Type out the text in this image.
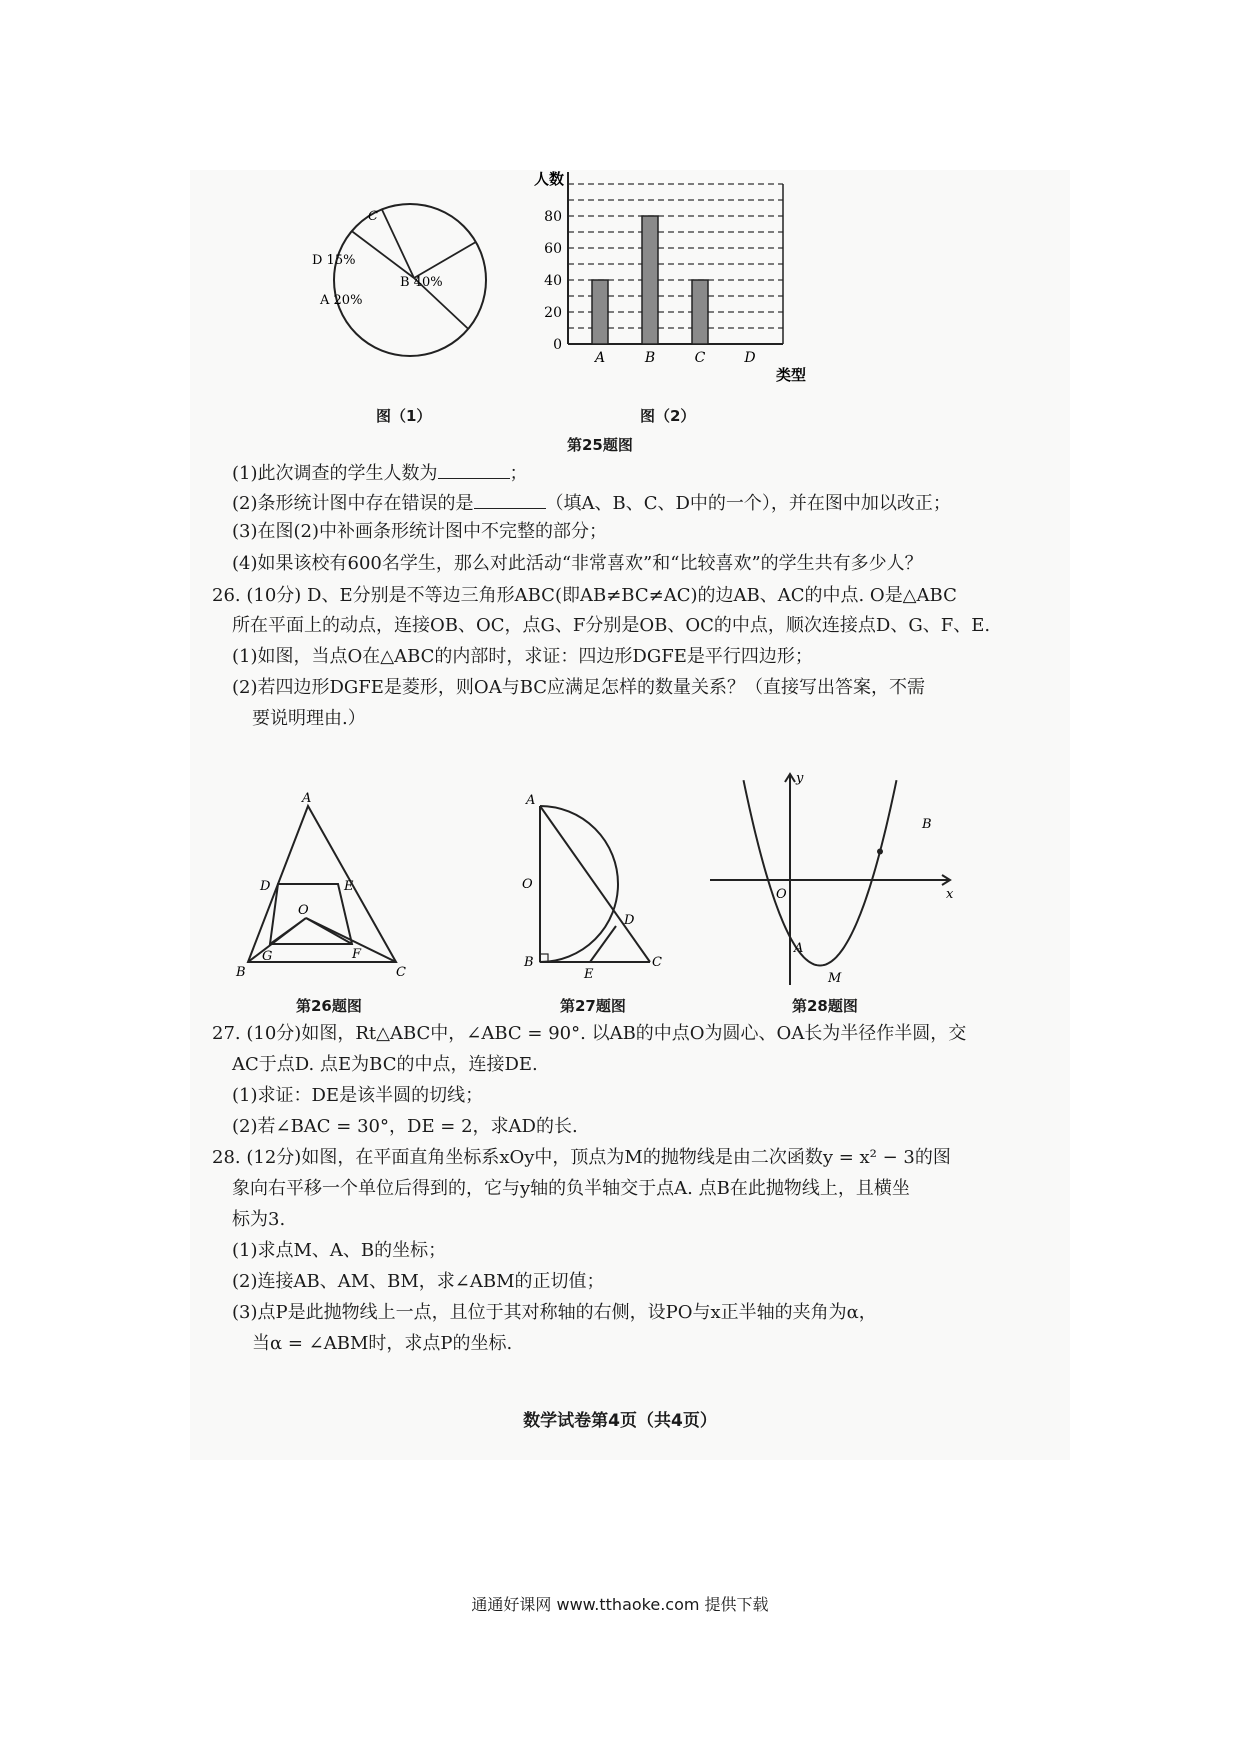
C
D 15%
B 40%
A 20%
图（1）
人数
0
20
40
60
80
A	B	C	D
类型
图（2）
第25题图
(1)此次调查的学生人数为	；
(2)条形统计图中存在错误的是	（填A、B、C、D中的一个），并在图中加以改正；
(3)在图(2)中补画条形统计图中不完整的部分；
(4)如果该校有600名学生，那么对此活动“非常喜欢”和“比较喜欢”的学生共有多少人？
26. (10分) D、E分别是不等边三角形ABC(即AB≠BC≠AC)的边AB、AC的中点. O是△ABC
所在平面上的动点，连接OB、OC，点G、F分别是OB、OC的中点，顺次连接点D、G、F、E.
(1)如图，当点O在△ABC的内部时，求证：四边形DGFE是平行四边形；
(2)若四边形DGFE是菱形，则OA与BC应满足怎样的数量关系？（直接写出答案，不需
要说明理由.）
A
D	E
O
G	F
B	C
第26题图
A
O
D
B
E
C
第27题图
y
x
O
B
A
M
第28题图
27. (10分)如图，Rt△ABC中，∠ABC = 90°. 以AB的中点O为圆心、OA长为半径作半圆，交
AC于点D. 点E为BC的中点，连接DE.
(1)求证：DE是该半圆的切线；
(2)若∠BAC = 30°，DE = 2，求AD的长.
28. (12分)如图，在平面直角坐标系xOy中，顶点为M的抛物线是由二次函数y = x² − 3的图
象向右平移一个单位后得到的，它与y轴的负半轴交于点A. 点B在此抛物线上，且横坐
标为3.
(1)求点M、A、B的坐标；
(2)连接AB、AM、BM，求∠ABM的正切值；
(3)点P是此抛物线上一点，且位于其对称轴的右侧，设PO与x正半轴的夹角为α，
当α = ∠ABM时，求点P的坐标.
数学试卷第4页（共4页）
通通好课网 www.tthaoke.com 提供下载
